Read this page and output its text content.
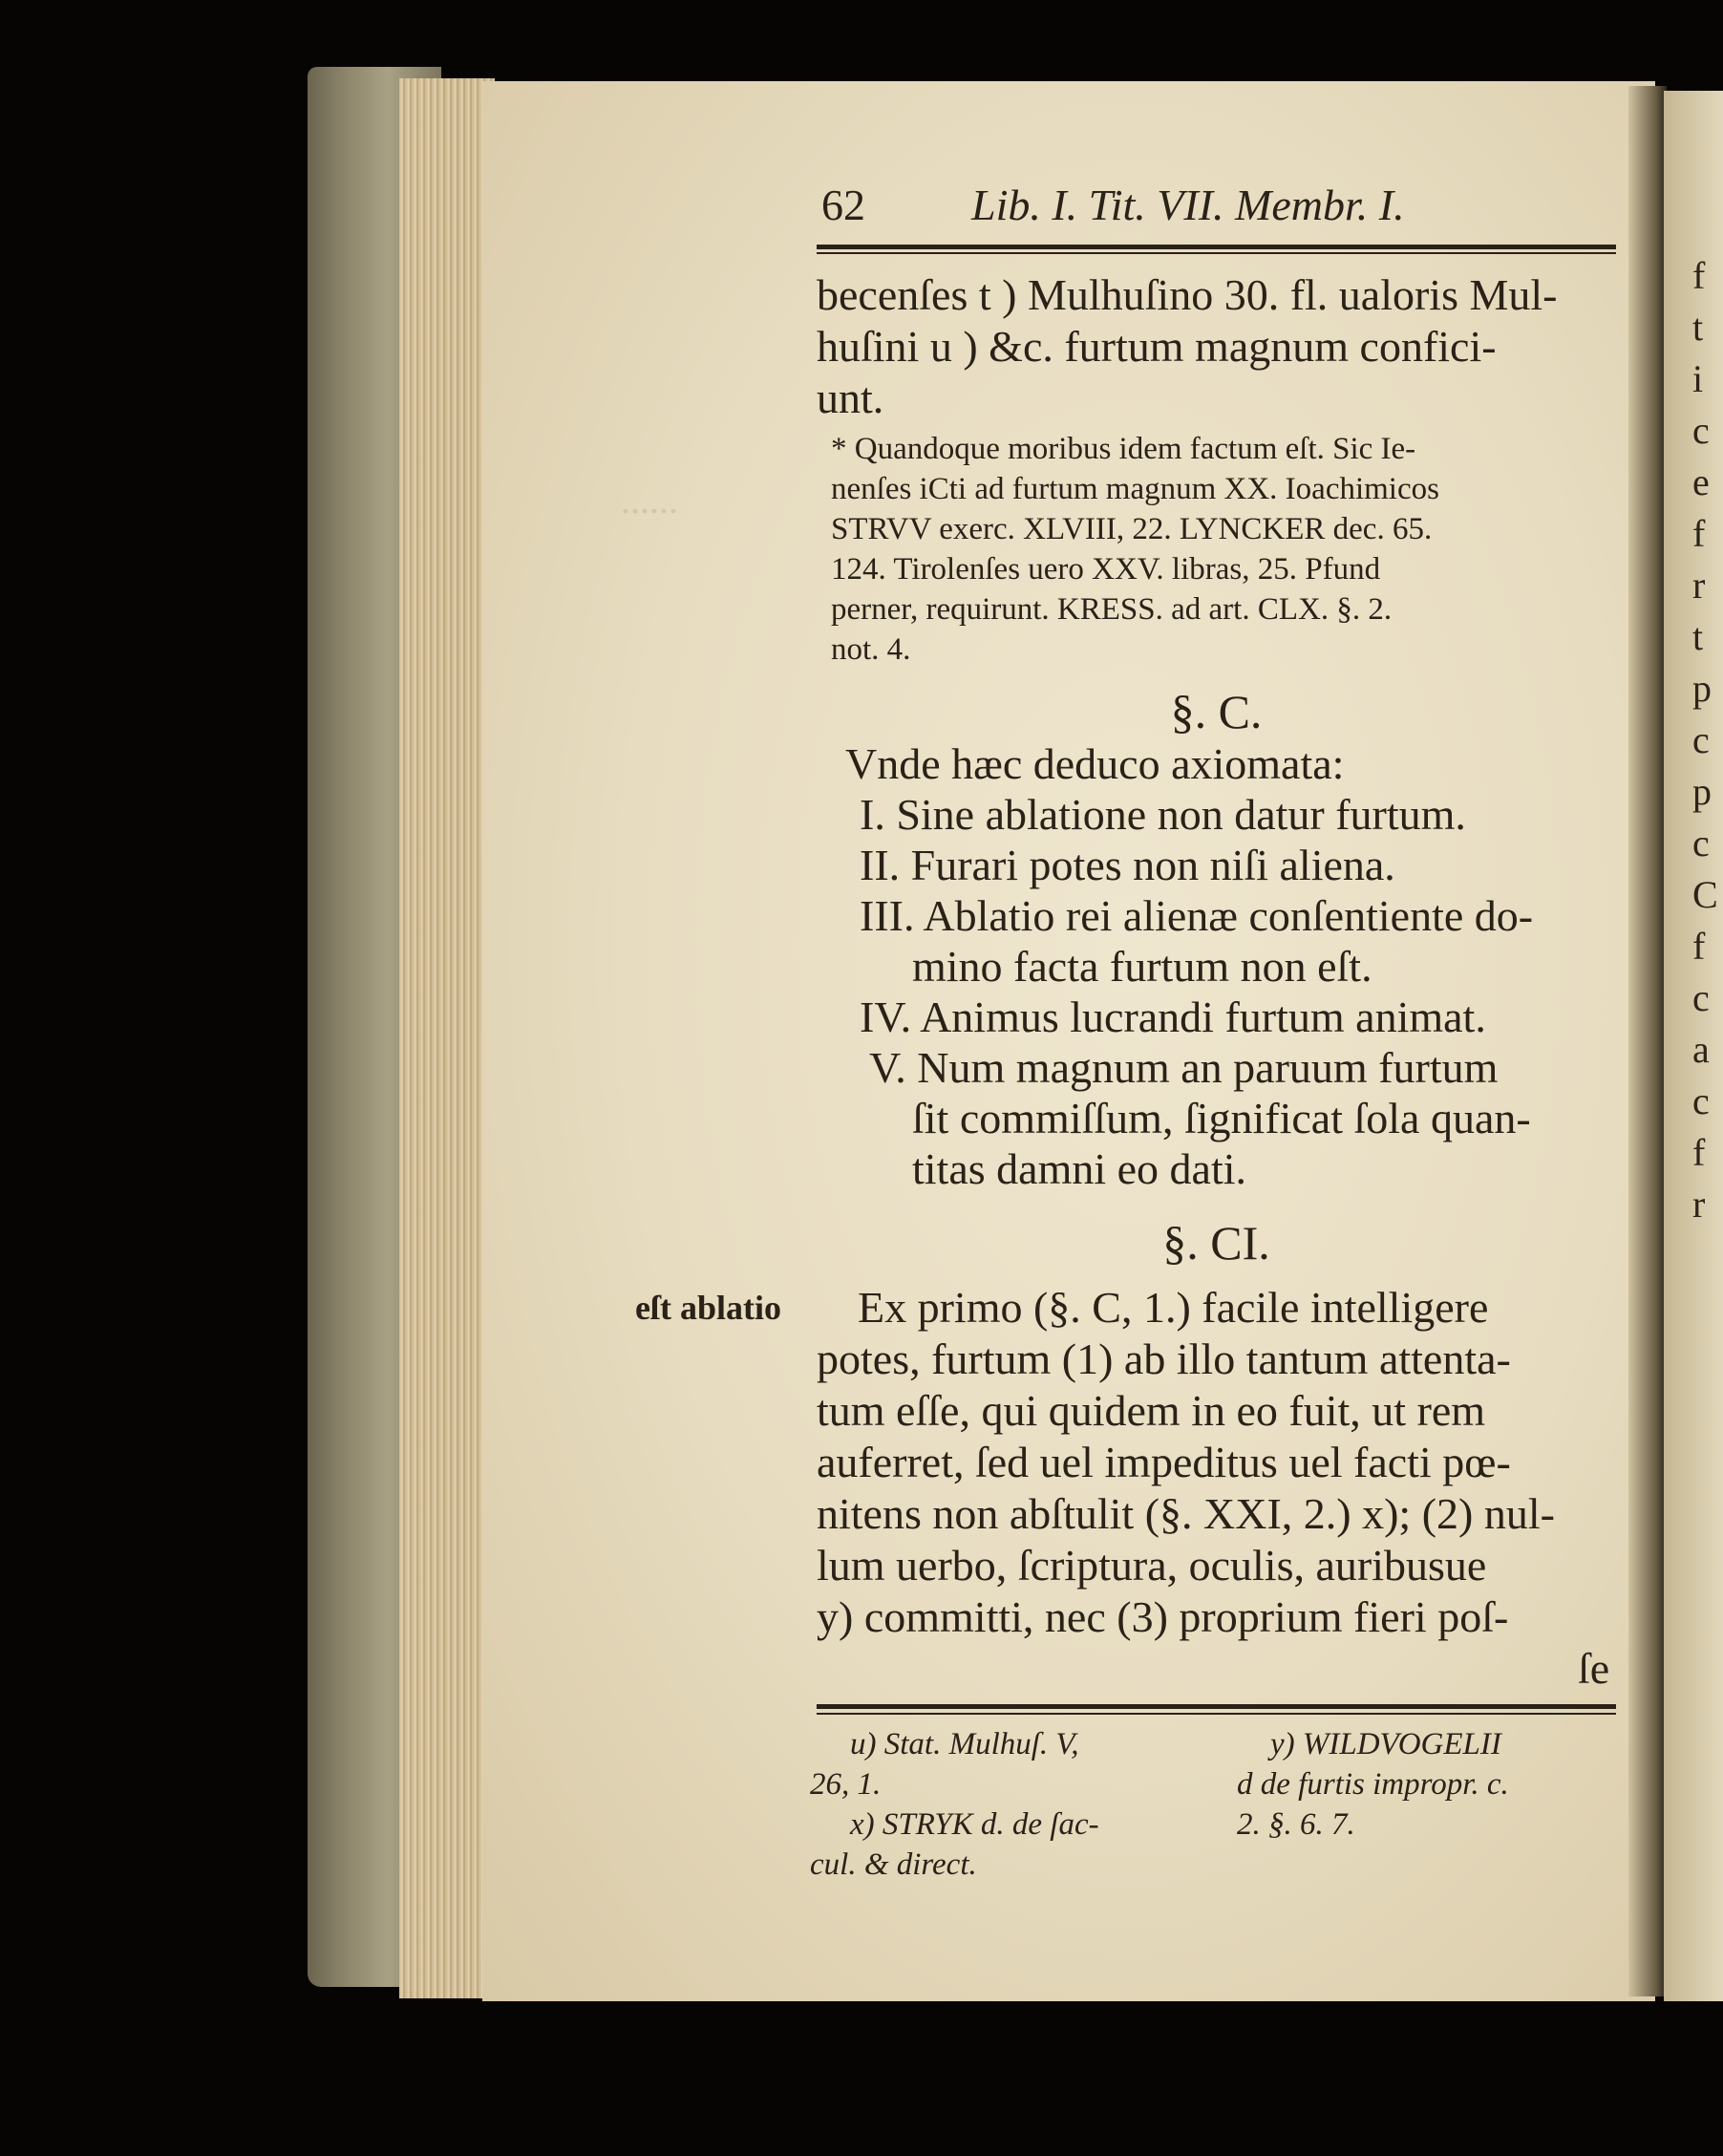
......
62 Lib. I. Tit. VII. Membr. I.
becenſes t ) Mulhuſino 30. fl. ualoris Mul-
huſini u ) &c. furtum magnum confici-
unt.
* Quandoque moribus idem factum eſt. Sic Ie-
nenſes iCti ad furtum magnum XX. Ioachimicos
STRVV exerc. XLVIII, 22. LYNCKER dec. 65.
124. Tirolenſes uero XXV. libras, 25. Pfund
perner, requirunt. KRESS. ad art. CLX. §. 2.
not. 4.
§. C.
Vnde hæc deduco axiomata:
I. Sine ablatione non datur furtum.
II. Furari potes non niſi aliena.
III. Ablatio rei alienæ conſentiente do-
mino facta furtum non eſt.
IV. Animus lucrandi furtum animat.
V. Num magnum an paruum furtum
ſit commiſſum, ſignificat ſola quan-
titas damni eo dati.
§. CI.
eſt ablatio Ex primo (§. C, 1.) facile intelligere
potes, furtum (1) ab illo tantum attenta-
tum eſſe, qui quidem in eo fuit, ut rem
auferret, ſed uel impeditus uel facti pœ-
nitens non abſtulit (§. XXI, 2.) x); (2) nul-
lum uerbo, ſcriptura, oculis, auribusue
y) committi, nec (3) proprium fieri poſ-
ſe
u) Stat. Mulhuſ. V,
26, 1.
x) STRYK d. de ſac-
cul. & direct.
y) WILDVOGELII
d de furtis impropr. c.
2. §. 6. 7.
f
t
i
c
e
f
r
t
p
c
p
c
C
f
c
a
c
f
r
